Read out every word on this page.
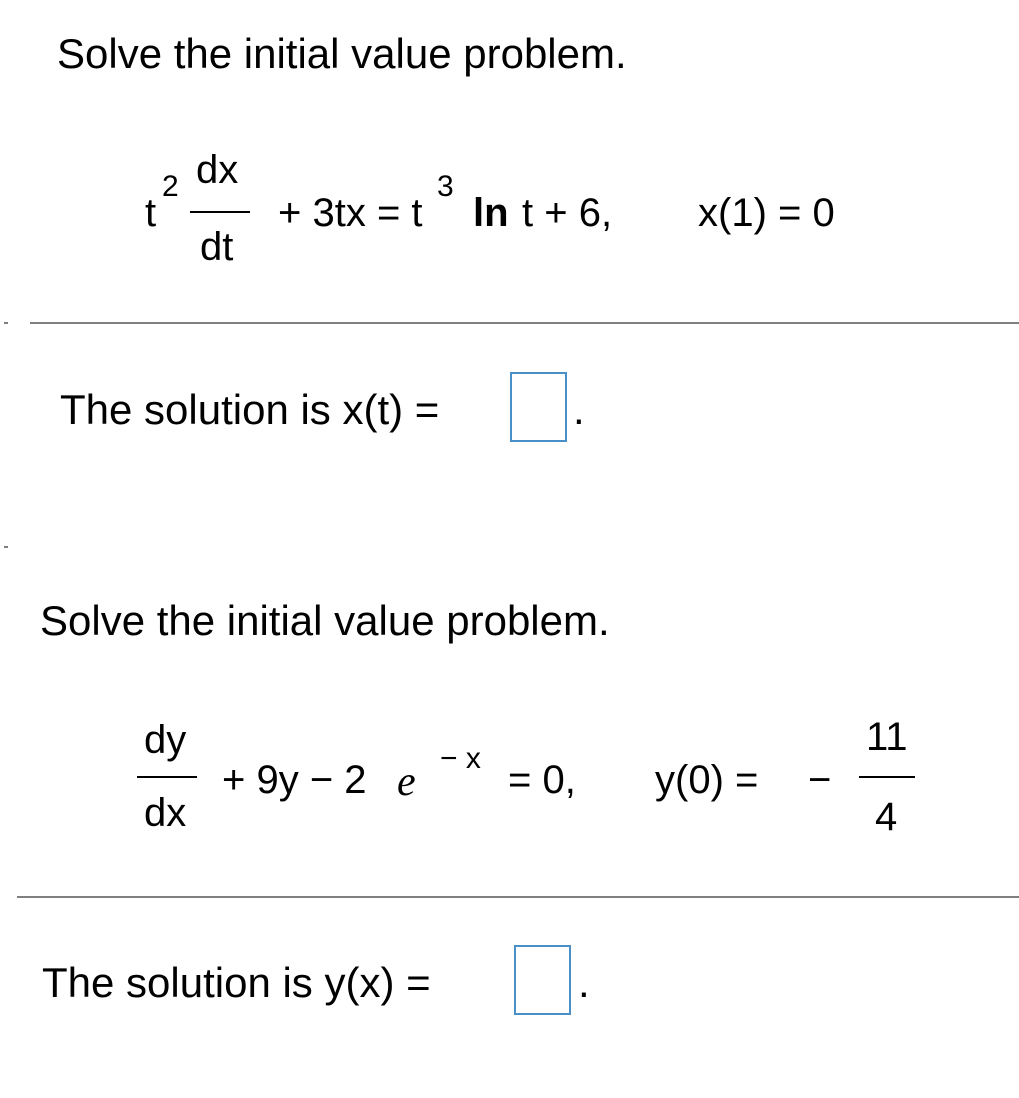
Solve the initial value problem.
t
2 dx
dt
+ 3tx = t
3
ln t + 6, x(1) = 0
The solution is x(t) =	.
Solve the initial value problem.
dy
dx
+ 9y − 2 e
− x = 0, y(0) = −
11
4
The solution is y(x) =	.
